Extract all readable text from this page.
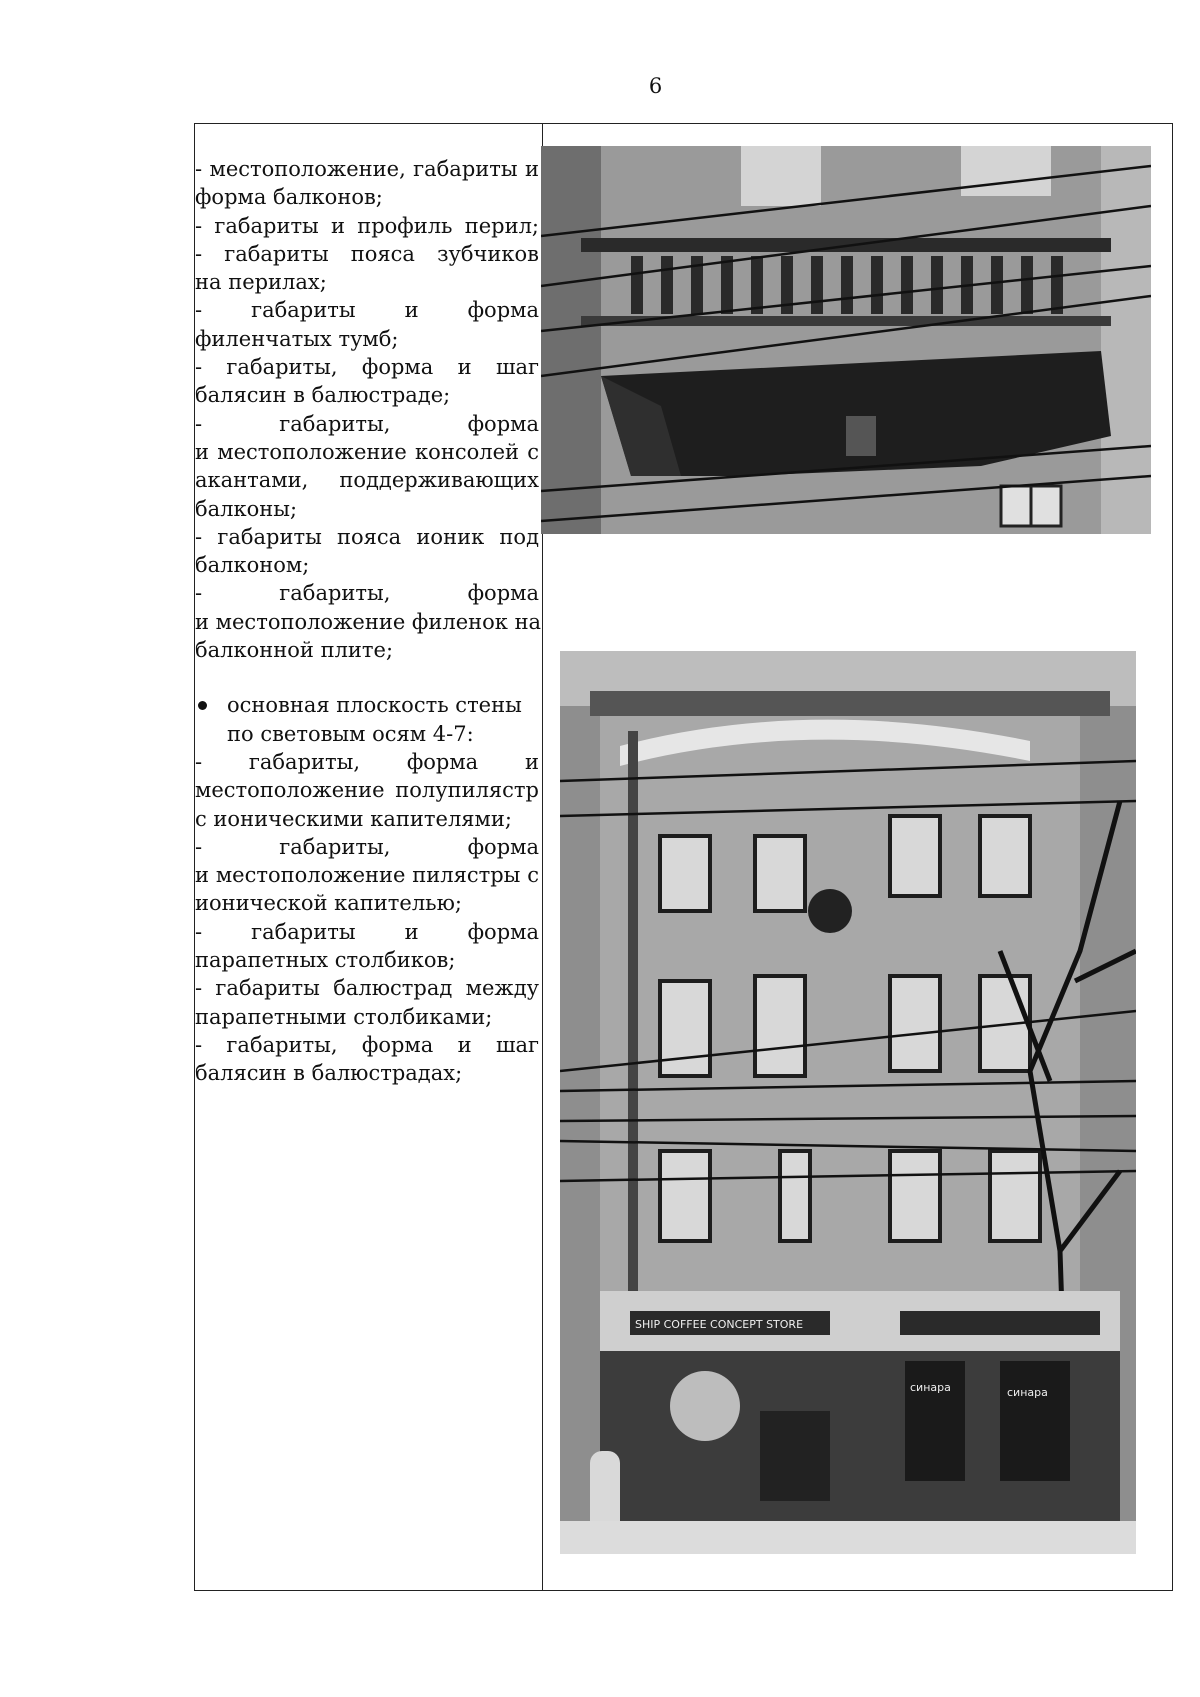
6
- местоположение, габариты и
форма балконов;
- габариты и профиль перил;
- габариты пояса зубчиков
на перилах;
- габариты и форма
филенчатых тумб;
- габариты, форма и шаг
балясин в балюстраде;
- габариты, форма
и местоположение консолей с
акантами, поддерживающих
балконы;
- габариты пояса ионик под
балконом;
- габариты, форма
и местоположение филенок на
балконной плите;
основная плоскость стены
по световым осям 4-7:
- габариты, форма и
местоположение полупилястр
с ионическими капителями;
- габариты, форма
и местоположение пилястры с
ионической капителью;
- габариты и форма
парапетных столбиков;
- габариты балюстрад между
парапетными столбиками;
- габариты, форма и шаг
балясин в балюстрадах;
SHIP COFFEE CONCEPT STORE
синара	синара
